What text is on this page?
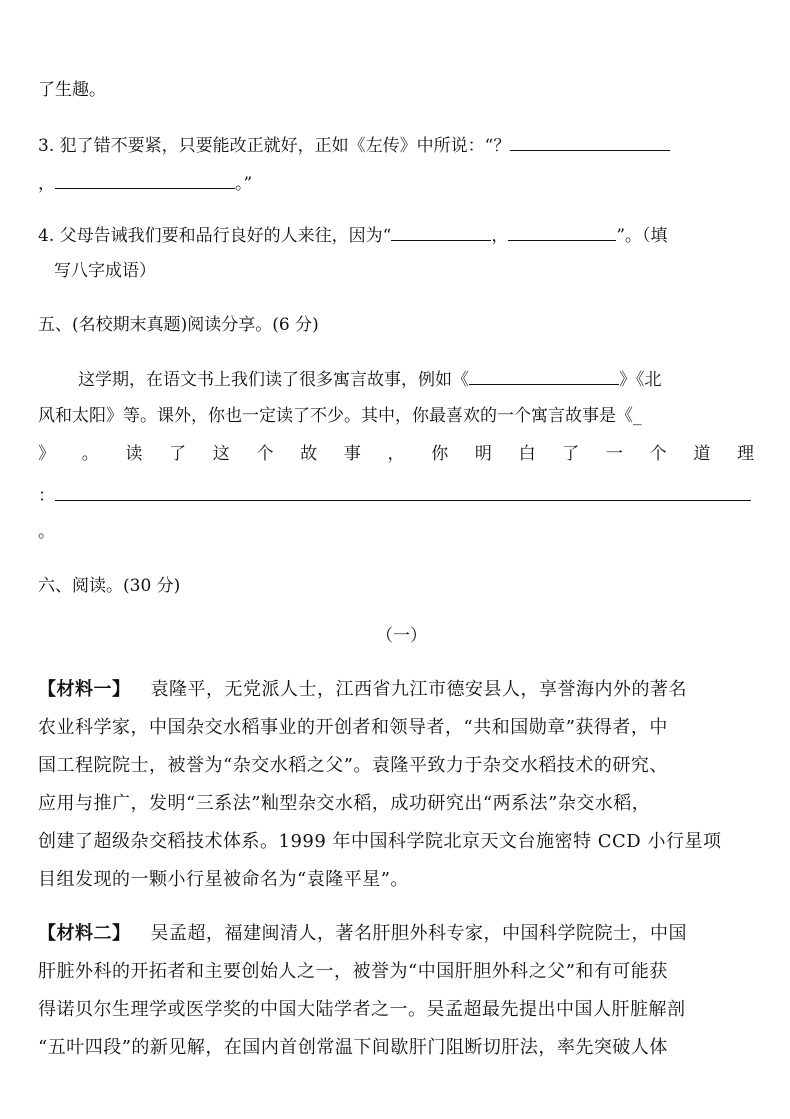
了生趣。
3. 犯了错不要紧，只要能改正就好，正如《左传》中所说：“？
，	。”
4. 父母告诫我们要和品行良好的人来往，因为“	，	”。（填
写八字成语）
五、(名校期末真题)阅读分享。(6 分)
这学期，在语文书上我们读了很多寓言故事，例如《	》《北
风和太阳》等。课外，你也一定读了不少。其中，你最喜欢的一个寓言故事是《_
》 。 读 了 这 个 故 事 ， 你 明 白 了 一 个 道 理
：
。
六、阅读。(30 分)
（一）
【材料一】 袁隆平，无党派人士，江西省九江市德安县人，享誉海内外的著名
农业科学家，中国杂交水稻事业的开创者和领导者，“共和国勋章”获得者，中
国工程院院士，被誉为“杂交水稻之父”。袁隆平致力于杂交水稻技术的研究、
应用与推广，发明“三系法”籼型杂交水稻，成功研究出“两系法”杂交水稻，
创建了超级杂交稻技术体系。1999 年中国科学院北京天文台施密特 CCD 小行星项
目组发现的一颗小行星被命名为“袁隆平星”。
【材料二】 吴孟超，福建闽清人，著名肝胆外科专家，中国科学院院士，中国
肝脏外科的开拓者和主要创始人之一，被誉为“中国肝胆外科之父”和有可能获
得诺贝尔生理学或医学奖的中国大陆学者之一。吴孟超最先提出中国人肝脏解剖
“五叶四段”的新见解，在国内首创常温下间歇肝门阻断切肝法，率先突破人体
